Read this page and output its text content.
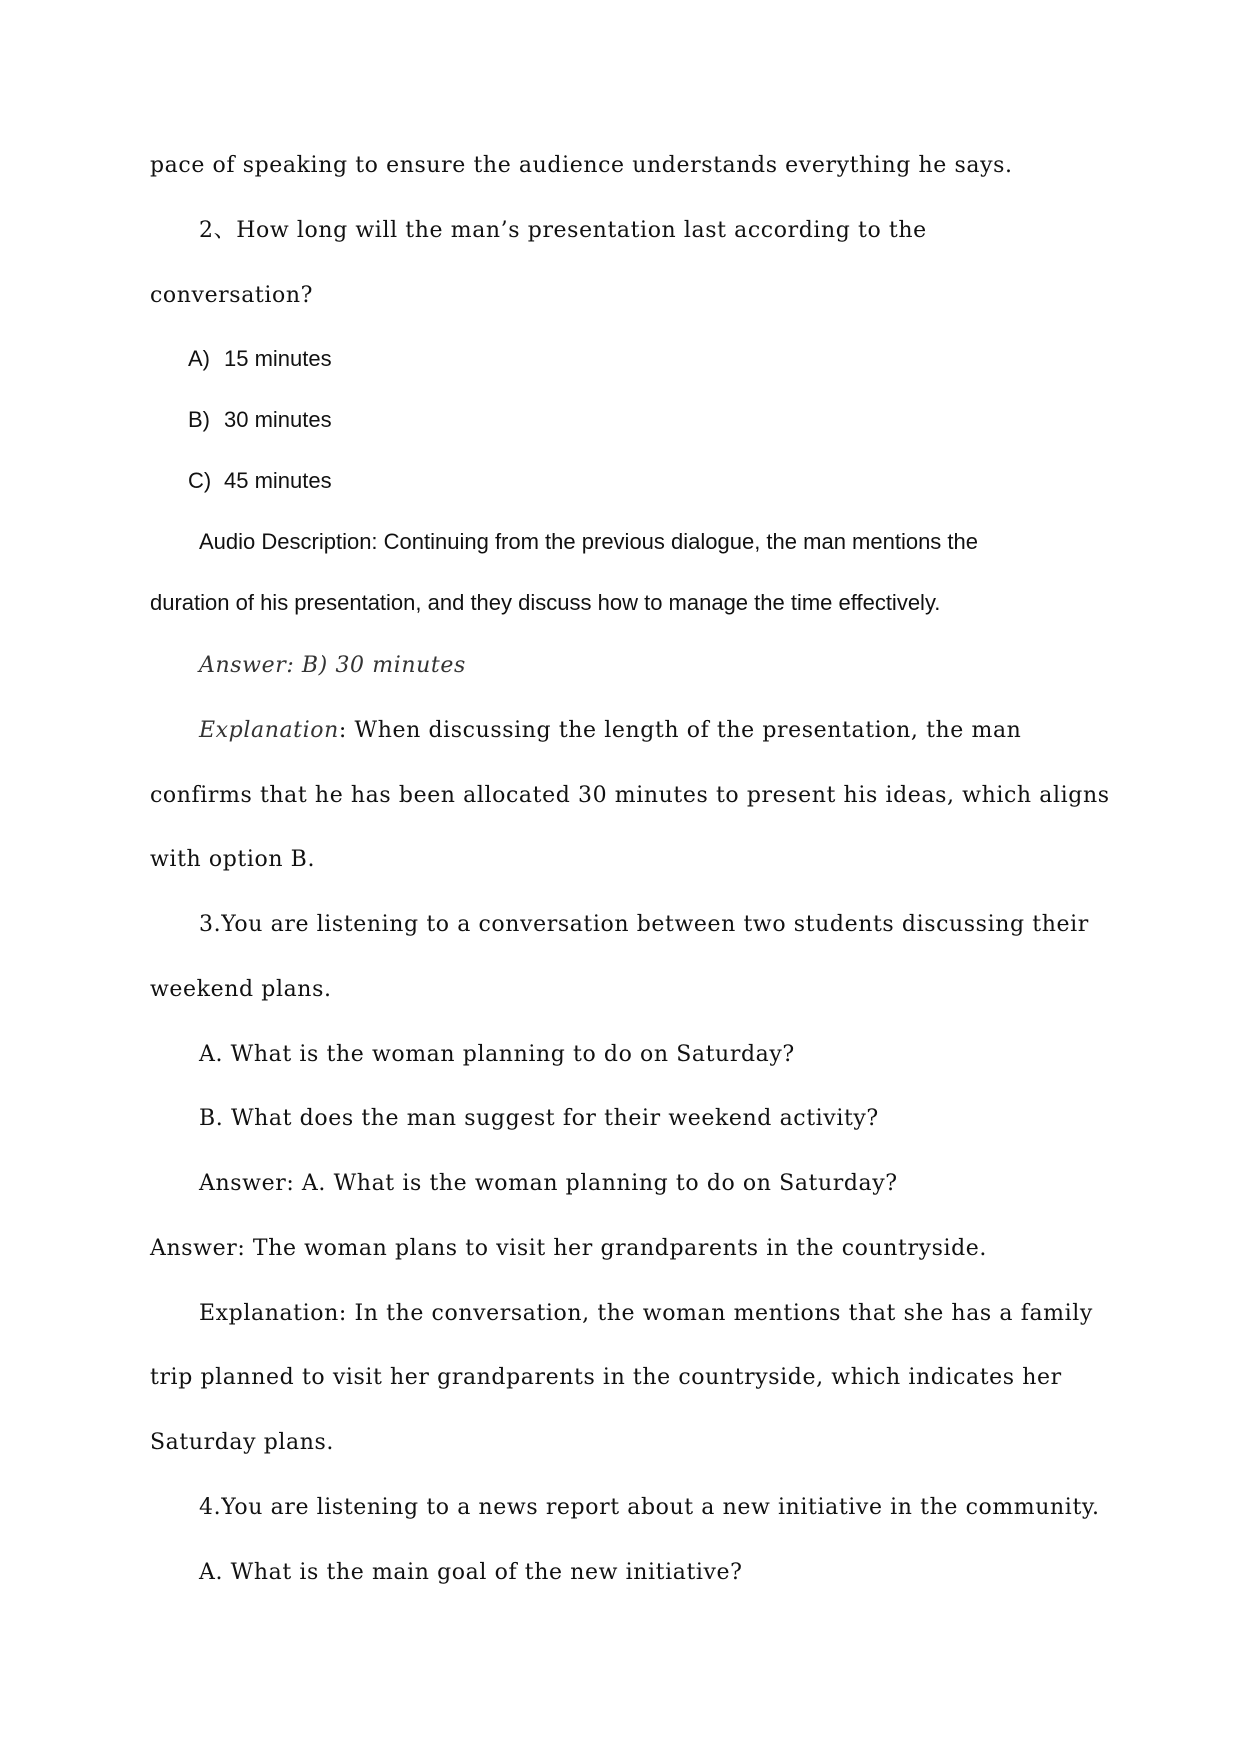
pace of speaking to ensure the audience understands everything he says.
2、How long will the man’s presentation last according to the
conversation?
A) 15 minutes
B) 30 minutes
C) 45 minutes
Audio Description: Continuing from the previous dialogue, the man mentions the
duration of his presentation, and they discuss how to manage the time effectively.
Answer: B) 30 minutes
Explanation: When discussing the length of the presentation, the man
confirms that he has been allocated 30 minutes to present his ideas, which aligns
with option B.
3.You are listening to a conversation between two students discussing their
weekend plans.
A. What is the woman planning to do on Saturday?
B. What does the man suggest for their weekend activity?
Answer: A. What is the woman planning to do on Saturday?
Answer: The woman plans to visit her grandparents in the countryside.
Explanation: In the conversation, the woman mentions that she has a family
trip planned to visit her grandparents in the countryside, which indicates her
Saturday plans.
4.You are listening to a news report about a new initiative in the community.
A. What is the main goal of the new initiative?
